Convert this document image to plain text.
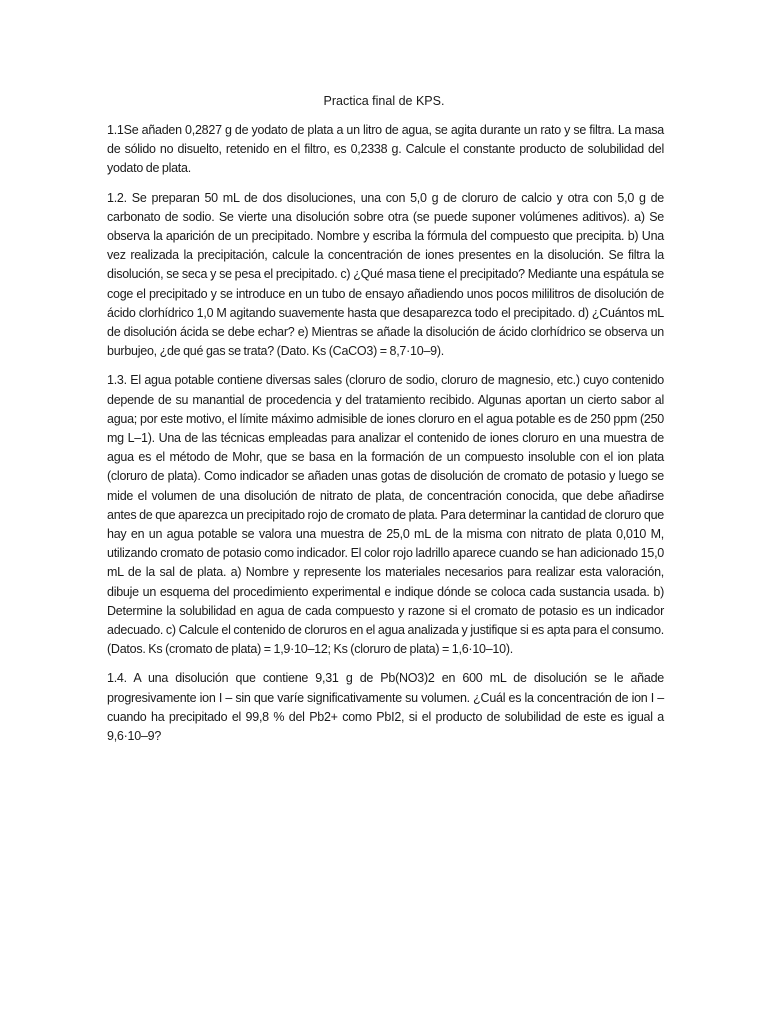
Practica final de KPS.

1.1Se añaden 0,2827 g de yodato de plata a un litro de agua, se agita durante un rato y se filtra. La masa de sólido no disuelto, retenido en el filtro, es 0,2338 g. Calcule el constante producto de solubilidad del yodato de plata.

1.2. Se preparan 50 mL de dos disoluciones, una con 5,0 g de cloruro de calcio y otra con 5,0 g de carbonato de sodio. Se vierte una disolución sobre otra (se puede suponer volúmenes aditivos). a) Se observa la aparición de un precipitado. Nombre y escriba la fórmula del compuesto que precipita. b) Una vez realizada la precipitación, calcule la concentración de iones presentes en la disolución. Se filtra la disolución, se seca y se pesa el precipitado. c) ¿Qué masa tiene el precipitado? Mediante una espátula se coge el precipitado y se introduce en un tubo de ensayo añadiendo unos pocos mililitros de disolución de ácido clorhídrico 1,0 M agitando suavemente hasta que desaparezca todo el precipitado. d) ¿Cuántos mL de disolución ácida se debe echar? e) Mientras se añade la disolución de ácido clorhídrico se observa un burbujeo, ¿de qué gas se trata? (Dato. Ks (CaCO3) = 8,7·10–9).

1.3. El agua potable contiene diversas sales (cloruro de sodio, cloruro de magnesio, etc.) cuyo contenido depende de su manantial de procedencia y del tratamiento recibido. Algunas aportan un cierto sabor al agua; por este motivo, el límite máximo admisible de iones cloruro en el agua potable es de 250 ppm (250 mg L–1). Una de las técnicas empleadas para analizar el contenido de iones cloruro en una muestra de agua es el método de Mohr, que se basa en la formación de un compuesto insoluble con el ion plata (cloruro de plata). Como indicador se añaden unas gotas de disolución de cromato de potasio y luego se mide el volumen de una disolución de nitrato de plata, de concentración conocida, que debe añadirse antes de que aparezca un precipitado rojo de cromato de plata. Para determinar la cantidad de cloruro que hay en un agua potable se valora una muestra de 25,0 mL de la misma con nitrato de plata 0,010 M, utilizando cromato de potasio como indicador. El color rojo ladrillo aparece cuando se han adicionado 15,0 mL de la sal de plata. a) Nombre y represente los materiales necesarios para realizar esta valoración, dibuje un esquema del procedimiento experimental e indique dónde se coloca cada sustancia usada. b) Determine la solubilidad en agua de cada compuesto y razone si el cromato de potasio es un indicador adecuado. c) Calcule el contenido de cloruros en el agua analizada y justifique si es apta para el consumo. (Datos. Ks (cromato de plata) = 1,9·10–12; Ks (cloruro de plata) = 1,6·10–10).

1.4. A una disolución que contiene 9,31 g de Pb(NO3)2 en 600 mL de disolución se le añade progresivamente ion I – sin que varíe significativamente su volumen. ¿Cuál es la concentración de ion I – cuando ha precipitado el 99,8 % del Pb2+ como PbI2, si el producto de solubilidad de este es igual a 9,6·10–9?
